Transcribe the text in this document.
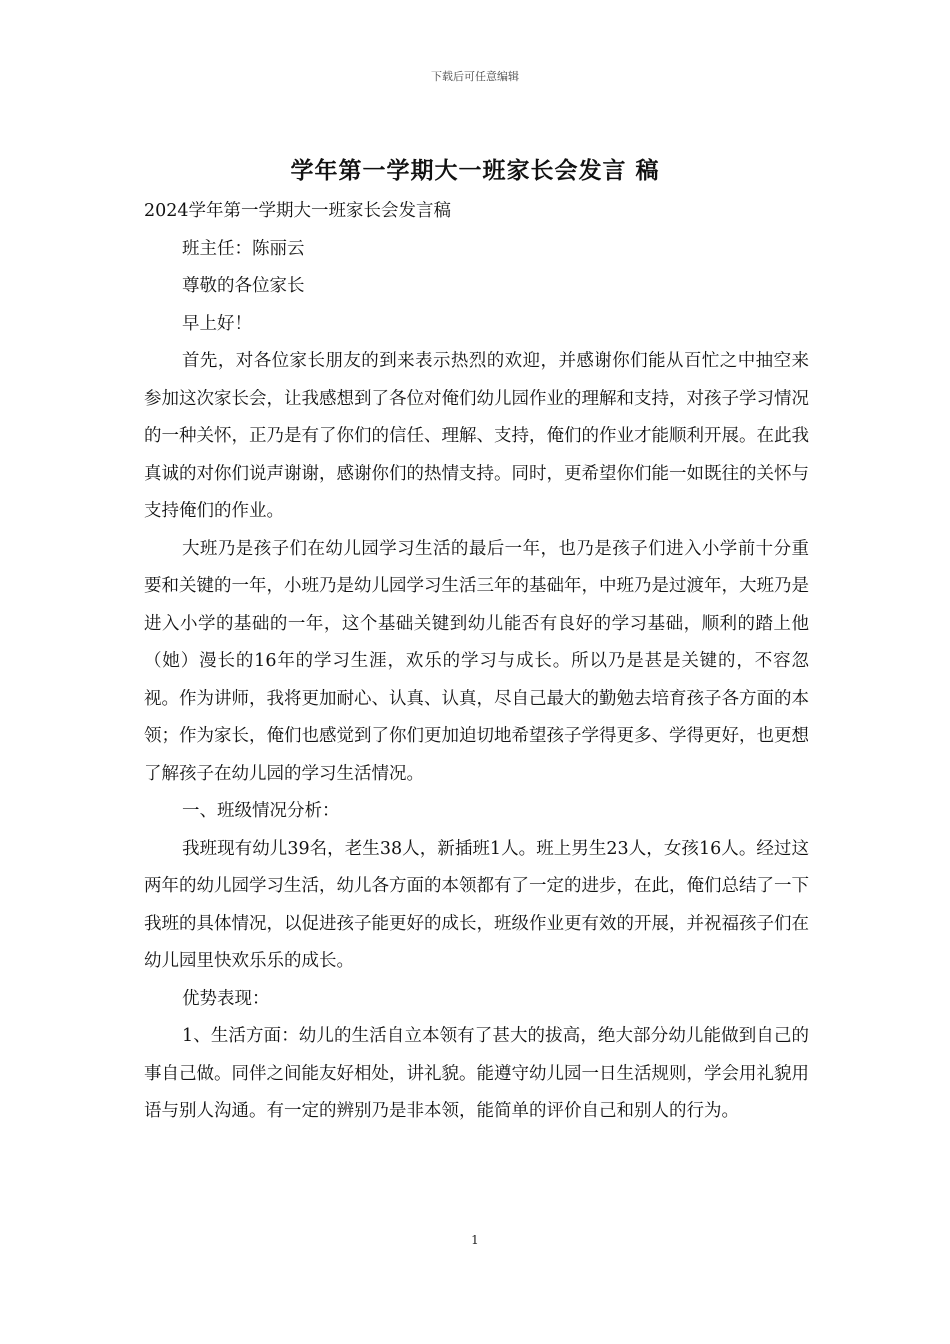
下载后可任意编辑
学年第一学期大一班家长会发言 稿

2024学年第一学期大一班家长会发言稿

班主任：陈丽云

尊敬的各位家长

早上好！

首先，对各位家长朋友的到来表示热烈的欢迎，并感谢你们能从百忙之中抽空来参加这次家长会，让我感想到了各位对俺们幼儿园作业的理解和支持，对孩子学习情况的一种关怀，正乃是有了你们的信任、理解、支持，俺们的作业才能顺利开展。在此我真诚的对你们说声谢谢，感谢你们的热情支持。同时，更希望你们能一如既往的关怀与支持俺们的作业。

大班乃是孩子们在幼儿园学习生活的最后一年，也乃是孩子们进入小学前十分重要和关键的一年，小班乃是幼儿园学习生活三年的基础年，中班乃是过渡年，大班乃是进入小学的基础的一年，这个基础关键到幼儿能否有良好的学习基础，顺利的踏上他（她）漫长的16年的学习生涯，欢乐的学习与成长。所以乃是甚是关键的，不容忽视。作为讲师，我将更加耐心、认真、认真，尽自己最大的勤勉去培育孩子各方面的本领；作为家长，俺们也感觉到了你们更加迫切地希望孩子学得更多、学得更好，也更想了解孩子在幼儿园的学习生活情况。

一、班级情况分析：

我班现有幼儿39名，老生38人，新插班1人。班上男生23人，女孩16人。经过这两年的幼儿园学习生活，幼儿各方面的本领都有了一定的进步，在此，俺们总结了一下我班的具体情况，以促进孩子能更好的成长，班级作业更有效的开展，并祝福孩子们在幼儿园里快欢乐乐的成长。

优势表现：

1、生活方面：幼儿的生活自立本领有了甚大的拔高，绝大部分幼儿能做到自己的事自己做。同伴之间能友好相处，讲礼貌。能遵守幼儿园一日生活规则，学会用礼貌用语与别人沟通。有一定的辨别乃是非本领，能简单的评价自己和别人的行为。

1
